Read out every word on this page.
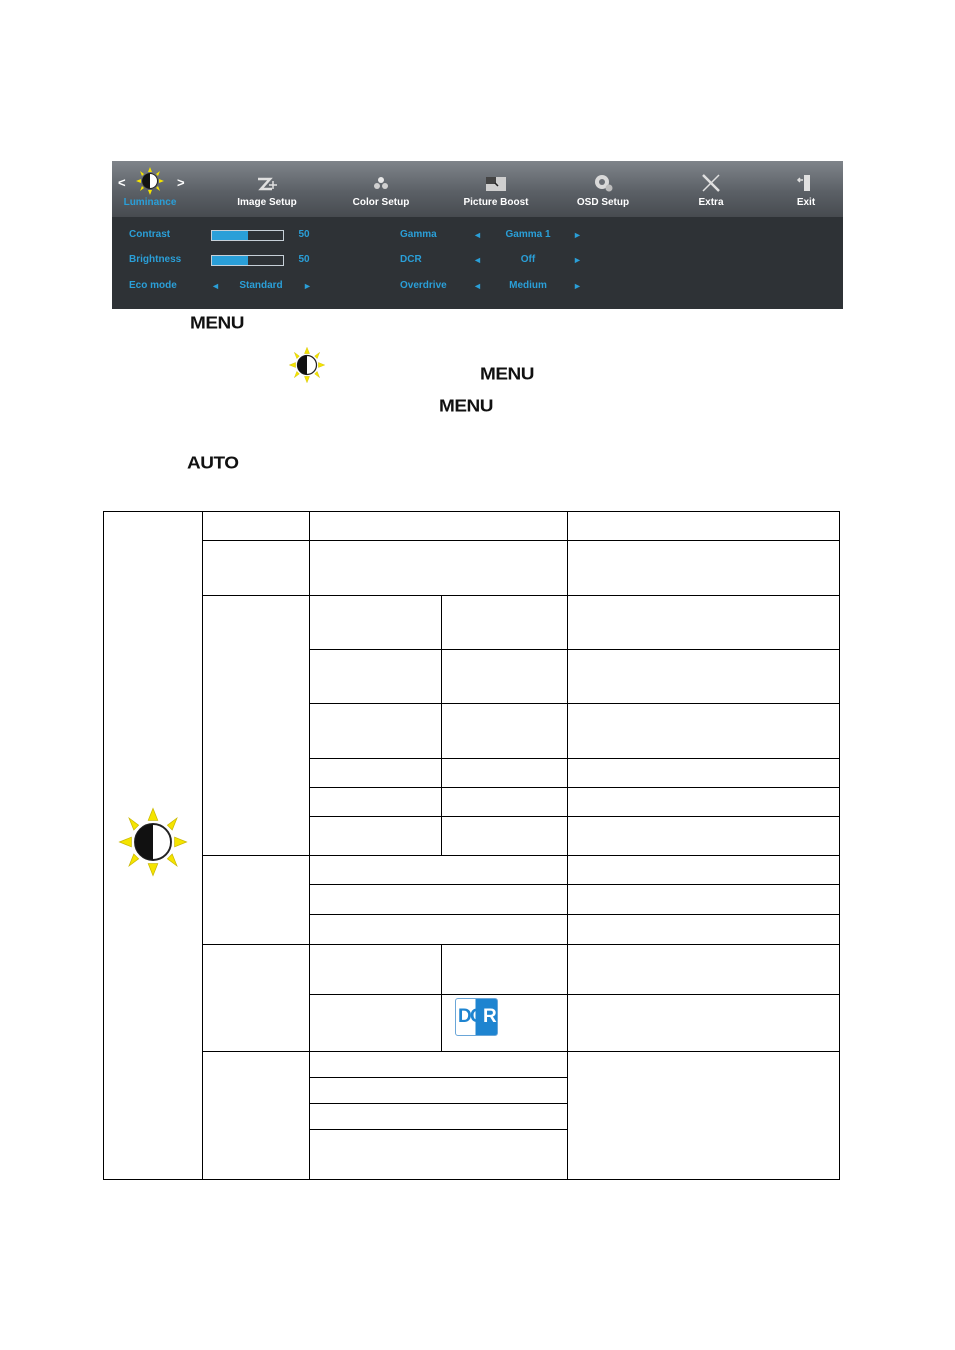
<	>
Luminance	Image Setup	Color Setup	Picture Boost	OSD Setup	Extra	Exit
Contrast	50	Gamma	◄	Gamma 1	►
Brightness	50	DCR	◄	Off	►
Eco mode	◄	Standard	►	Overdrive	◄	Medium	►
MENU
MENU
MENU
AUTO
D
C R
